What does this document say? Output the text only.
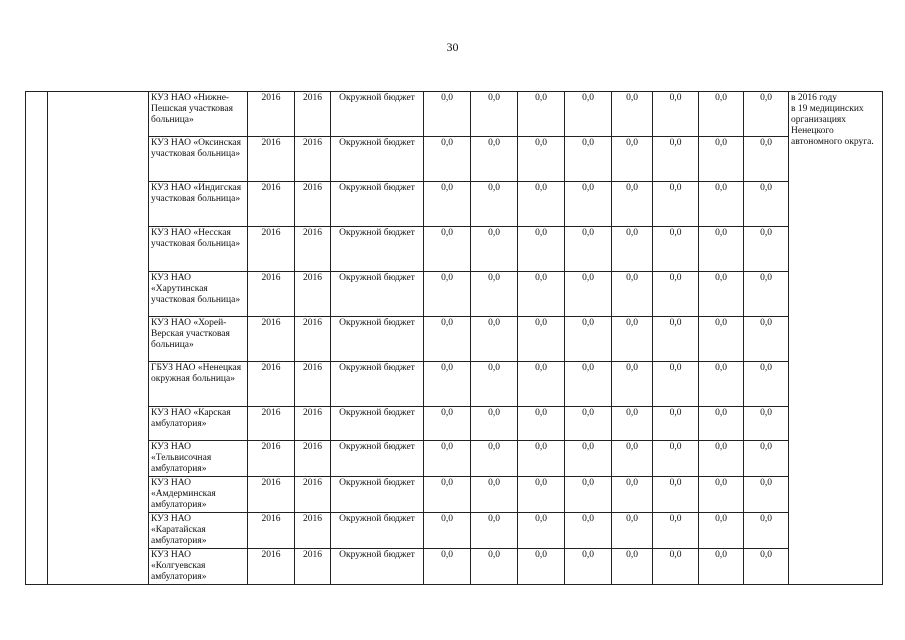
30
		КУЗ НАО «Нижне-Пешская участковая больница»	2016	2016	Окружной бюджет	0,0	0,0	0,0	0,0	0,0	0,0	0,0	0,0	в 2016 году
в 19 медицинских
организациях
Ненецкого
автономного округа.
		КУЗ НАО «Оксинская участковая больница»	2016	2016	Окружной бюджет	0,0	0,0	0,0	0,0	0,0	0,0	0,0	0,0	
		КУЗ НАО «Индигская участковая больница»	2016	2016	Окружной бюджет	0,0	0,0	0,0	0,0	0,0	0,0	0,0	0,0	
		КУЗ НАО «Несская участковая больница»	2016	2016	Окружной бюджет	0,0	0,0	0,0	0,0	0,0	0,0	0,0	0,0	
		КУЗ НАО «Харутинская участковая больница»	2016	2016	Окружной бюджет	0,0	0,0	0,0	0,0	0,0	0,0	0,0	0,0	
		КУЗ НАО «Хорей-Верская участковая больница»	2016	2016	Окружной бюджет	0,0	0,0	0,0	0,0	0,0	0,0	0,0	0,0	
		ГБУЗ НАО «Ненецкая окружная больница»	2016	2016	Окружной бюджет	0,0	0,0	0,0	0,0	0,0	0,0	0,0	0,0	
		КУЗ НАО «Карская амбулатория»	2016	2016	Окружной бюджет	0,0	0,0	0,0	0,0	0,0	0,0	0,0	0,0	
		КУЗ НАО «Тельвисочная амбулатория»	2016	2016	Окружной бюджет	0,0	0,0	0,0	0,0	0,0	0,0	0,0	0,0	
		КУЗ НАО «Амдерминская амбулатория»	2016	2016	Окружной бюджет	0,0	0,0	0,0	0,0	0,0	0,0	0,0	0,0	
		КУЗ НАО «Каратайская амбулатория»	2016	2016	Окружной бюджет	0,0	0,0	0,0	0,0	0,0	0,0	0,0	0,0	
		КУЗ НАО «Колгуевская амбулатория»	2016	2016	Окружной бюджет	0,0	0,0	0,0	0,0	0,0	0,0	0,0	0,0	
